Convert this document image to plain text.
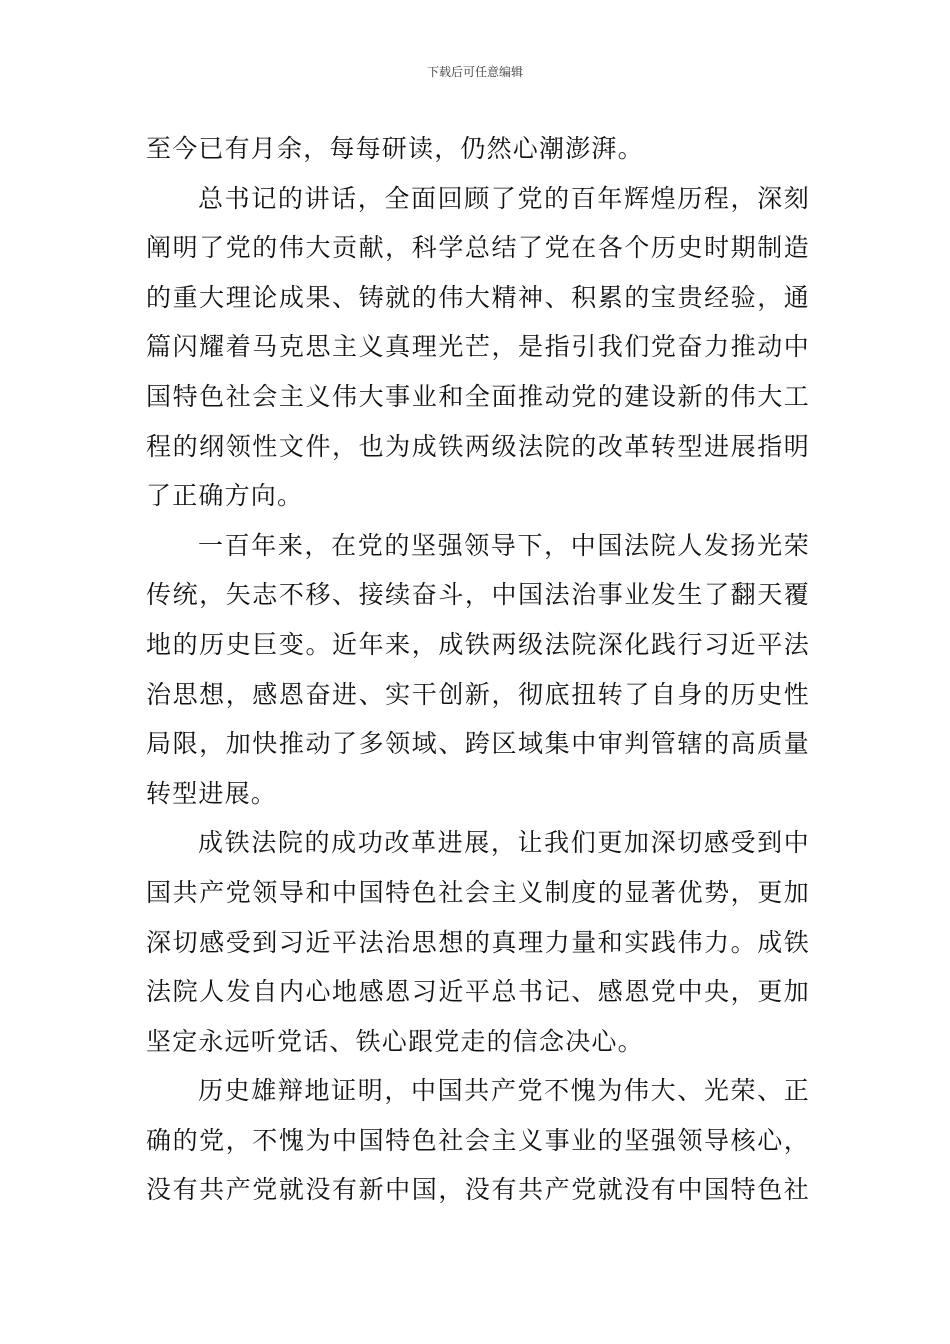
下载后可任意编辑

至今已有月余，每每研读，仍然心潮澎湃。

总书记的讲话，全面回顾了党的百年辉煌历程，深刻阐明了党的伟大贡献，科学总结了党在各个历史时期制造的重大理论成果、铸就的伟大精神、积累的宝贵经验，通篇闪耀着马克思主义真理光芒，是指引我们党奋力推动中国特色社会主义伟大事业和全面推动党的建设新的伟大工程的纲领性文件，也为成铁两级法院的改革转型进展指明了正确方向。

一百年来，在党的坚强领导下，中国法院人发扬光荣传统，矢志不移、接续奋斗，中国法治事业发生了翻天覆地的历史巨变。近年来，成铁两级法院深化践行习近平法治思想，感恩奋进、实干创新，彻底扭转了自身的历史性局限，加快推动了多领域、跨区域集中审判管辖的高质量转型进展。

成铁法院的成功改革进展，让我们更加深切感受到中国共产党领导和中国特色社会主义制度的显著优势，更加深切感受到习近平法治思想的真理力量和实践伟力。成铁法院人发自内心地感恩习近平总书记、感恩党中央，更加坚定永远听党话、铁心跟党走的信念决心。

历史雄辩地证明，中国共产党不愧为伟大、光荣、正确的党，不愧为中国特色社会主义事业的坚强领导核心，没有共产党就没有新中国，没有共产党就没有中国特色社
